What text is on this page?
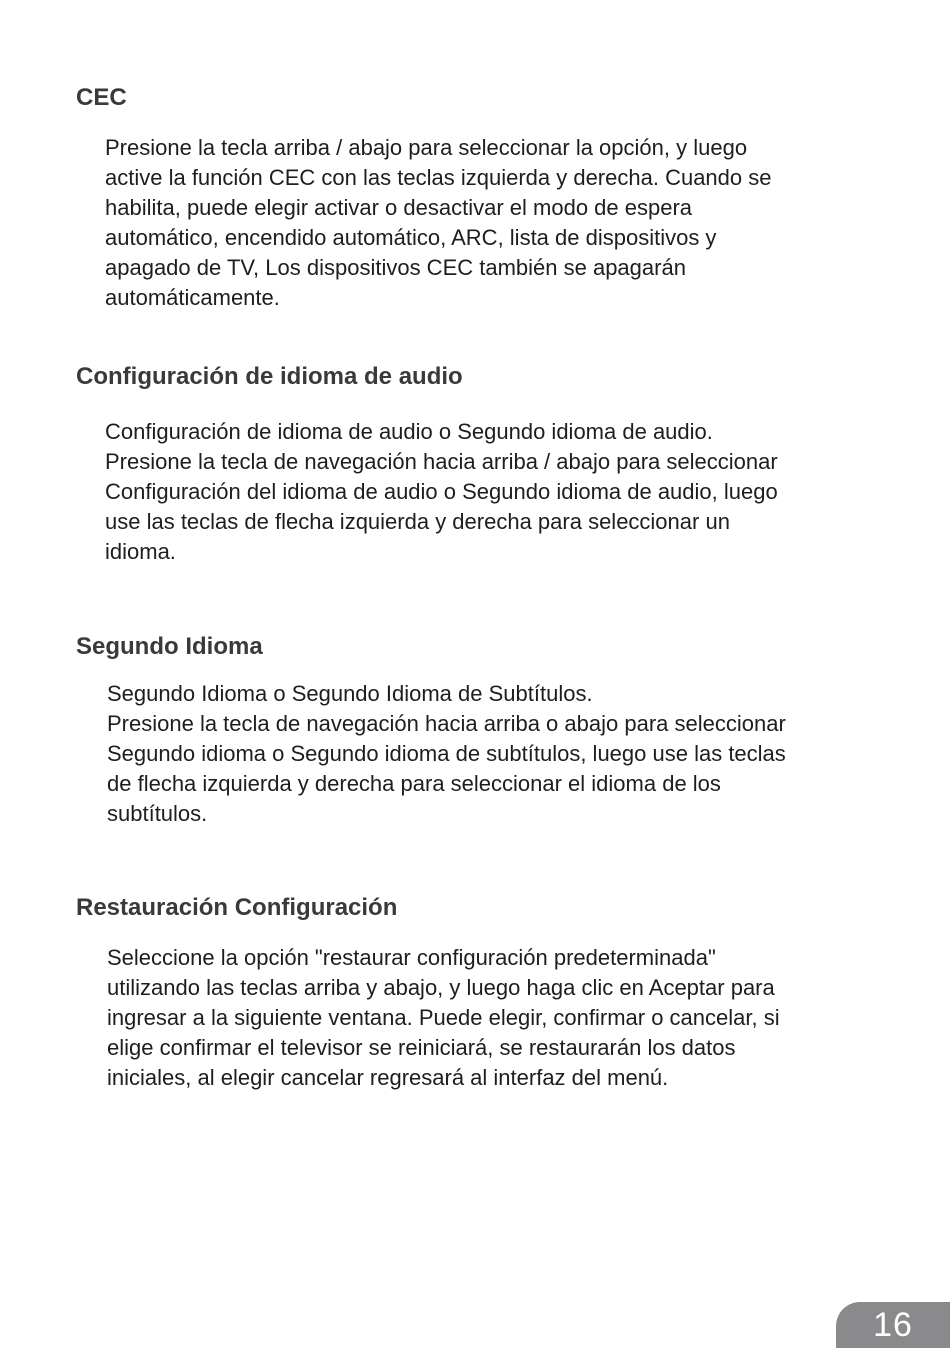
CEC
Presione la tecla arriba / abajo para seleccionar la opción, y luego
active la función CEC con las teclas izquierda y derecha. Cuando se
habilita, puede elegir activar o desactivar el modo de espera
automático, encendido automático, ARC, lista de dispositivos y
apagado de TV, Los dispositivos CEC también se apagarán
automáticamente.
Configuración de idioma de audio
Configuración de idioma de audio o Segundo idioma de audio.
Presione la tecla de navegación hacia arriba / abajo para seleccionar
Configuración del idioma de audio o Segundo idioma de audio, luego
use las teclas de flecha izquierda y derecha para seleccionar un
idioma.
Segundo Idioma
Segundo Idioma o Segundo Idioma de Subtítulos.
Presione la tecla de navegación hacia arriba o abajo para seleccionar
Segundo idioma o Segundo idioma de subtítulos, luego use las teclas
de flecha izquierda y derecha para seleccionar el idioma de los
subtítulos.
Restauración Configuración
Seleccione la opción "restaurar configuración predeterminada"
utilizando las teclas arriba y abajo, y luego haga clic en Aceptar para
ingresar a la siguiente ventana. Puede elegir, confirmar o cancelar, si
elige confirmar el televisor se reiniciará, se restaurarán los datos
iniciales, al elegir cancelar regresará al interfaz del menú.
16
